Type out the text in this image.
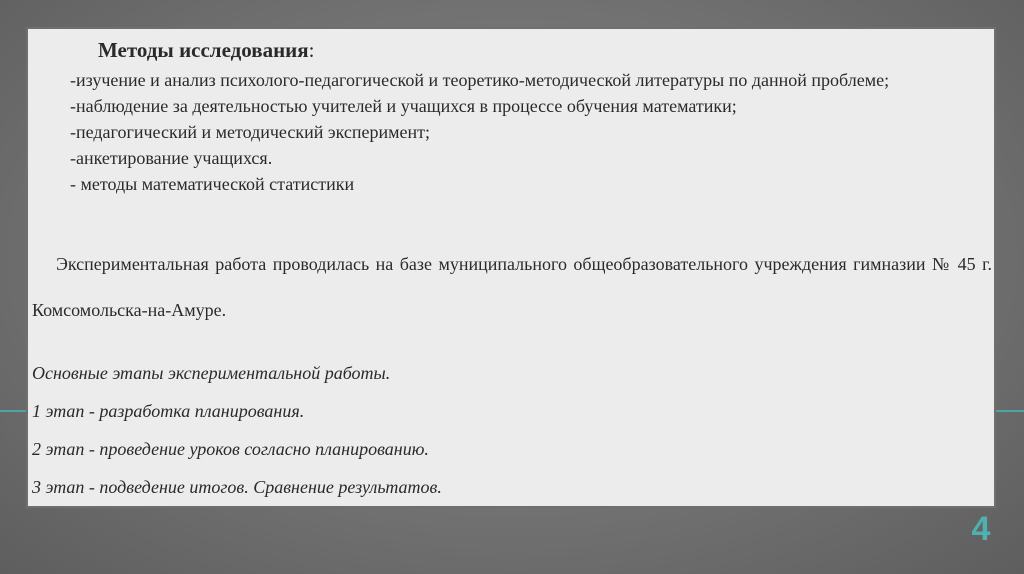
Методы исследования:
-изучение и анализ психолого-педагогической и теоретико-методической литературы по данной проблеме;
-наблюдение за деятельностью учителей и учащихся в процессе обучения математики;
-педагогический и методический эксперимент;
-анкетирование учащихся.
- методы математической статистики

Экспериментальная работа проводилась на базе муниципального общеобразовательного учреждения гимназии № 45 г. Комсомольска-на-Амуре.

Основные этапы экспериментальной работы.
1 этап - разработка планирования.
2 этап - проведение уроков согласно планированию.
3 этап - подведение итогов. Сравнение результатов.
4
